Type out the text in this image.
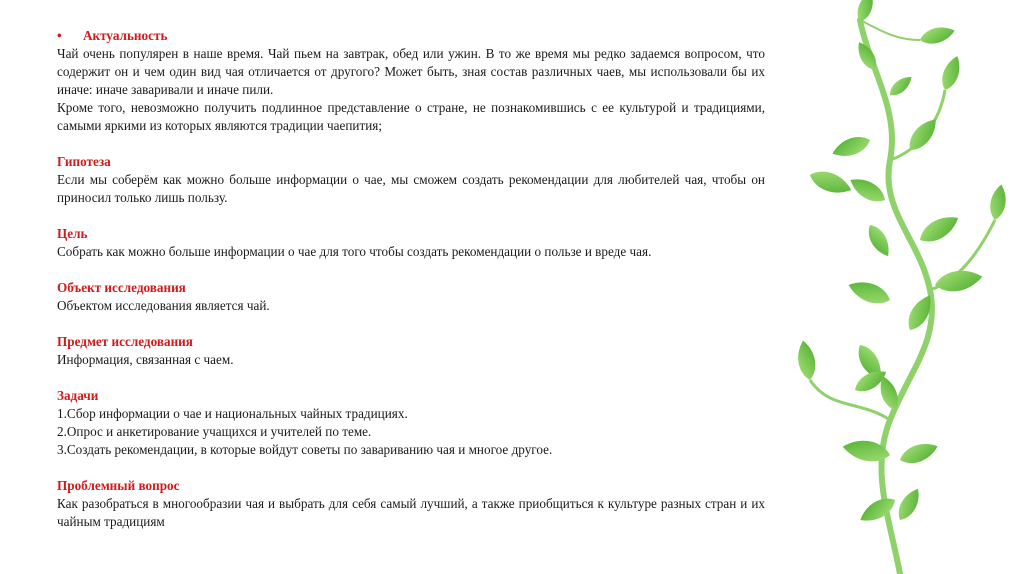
• Актуальность
Чай очень популярен в наше время. Чай пьем на завтрак, обед или ужин. В то же время мы редко задаемся вопросом, что содержит он и чем один вид чая отличается от другого? Может быть, зная состав различных чаев, мы использовали бы их иначе: иначе заваривали и иначе пили.
Кроме того, невозможно получить подлинное представление о стране, не познакомившись с ее культурой и традициями, самыми яркими из которых являются традиции чаепития;
Гипотеза
Если мы соберём как можно больше информации о чае, мы сможем создать рекомендации для любителей чая, чтобы он приносил только лишь пользу.
Цель
Собрать как можно больше информации о чае для того чтобы создать рекомендации о пользе и вреде чая.
Объект исследования
Объектом исследования является чай.
Предмет исследования
Информация, связанная с чаем.
Задачи
1.Сбор информации о чае и национальных чайных традициях.
2.Опрос и анкетирование учащихся и учителей по теме.
3.Создать рекомендации, в которые войдут советы по завариванию чая и многое другое.
Проблемный вопрос
Как разобраться в многообразии чая и выбрать для себя самый лучший, а также приобщиться к культуре разных стран и их чайным традициям
